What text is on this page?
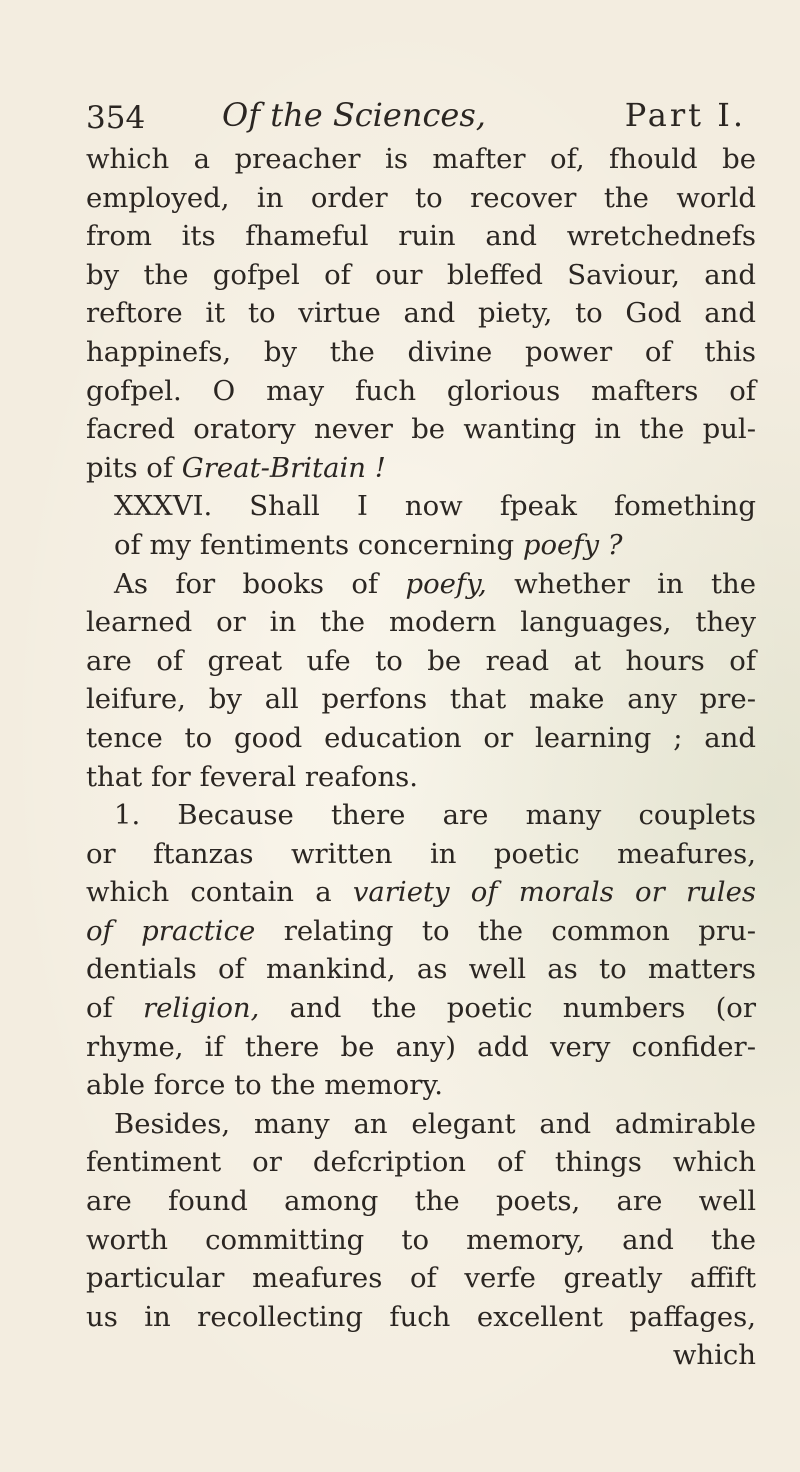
354 Of the Sciences,	Part I.
which a preacher is mafter of, fhould be
employed, in order to recover the world
from its fhameful ruin and wretchednefs
by the gofpel of our bleffed Saviour, and
reftore it to virtue and piety, to God and
happinefs, by the divine power of this
gofpel. O may fuch glorious mafters of
facred oratory never be wanting in the pul-
pits of Great-Britain !
XXXVI. Shall I now fpeak fomething
of my fentiments concerning poefy ?
As for books of poefy, whether in the
learned or in the modern languages, they
are of great ufe to be read at hours of
leifure, by all perfons that make any pre-
tence to good education or learning ; and
that for feveral reafons.
1. Because there are many couplets
or ftanzas written in poetic meafures,
which contain a variety of morals or rules
of practice relating to the common pru-
dentials of mankind, as well as to matters
of religion, and the poetic numbers (or
rhyme, if there be any) add very confider-
able force to the memory.
Besides, many an elegant and admirable
fentiment or defcription of things which
are found among the poets, are well
worth committing to memory, and the
particular meafures of verfe greatly affift
us in recollecting fuch excellent paffages,
which
